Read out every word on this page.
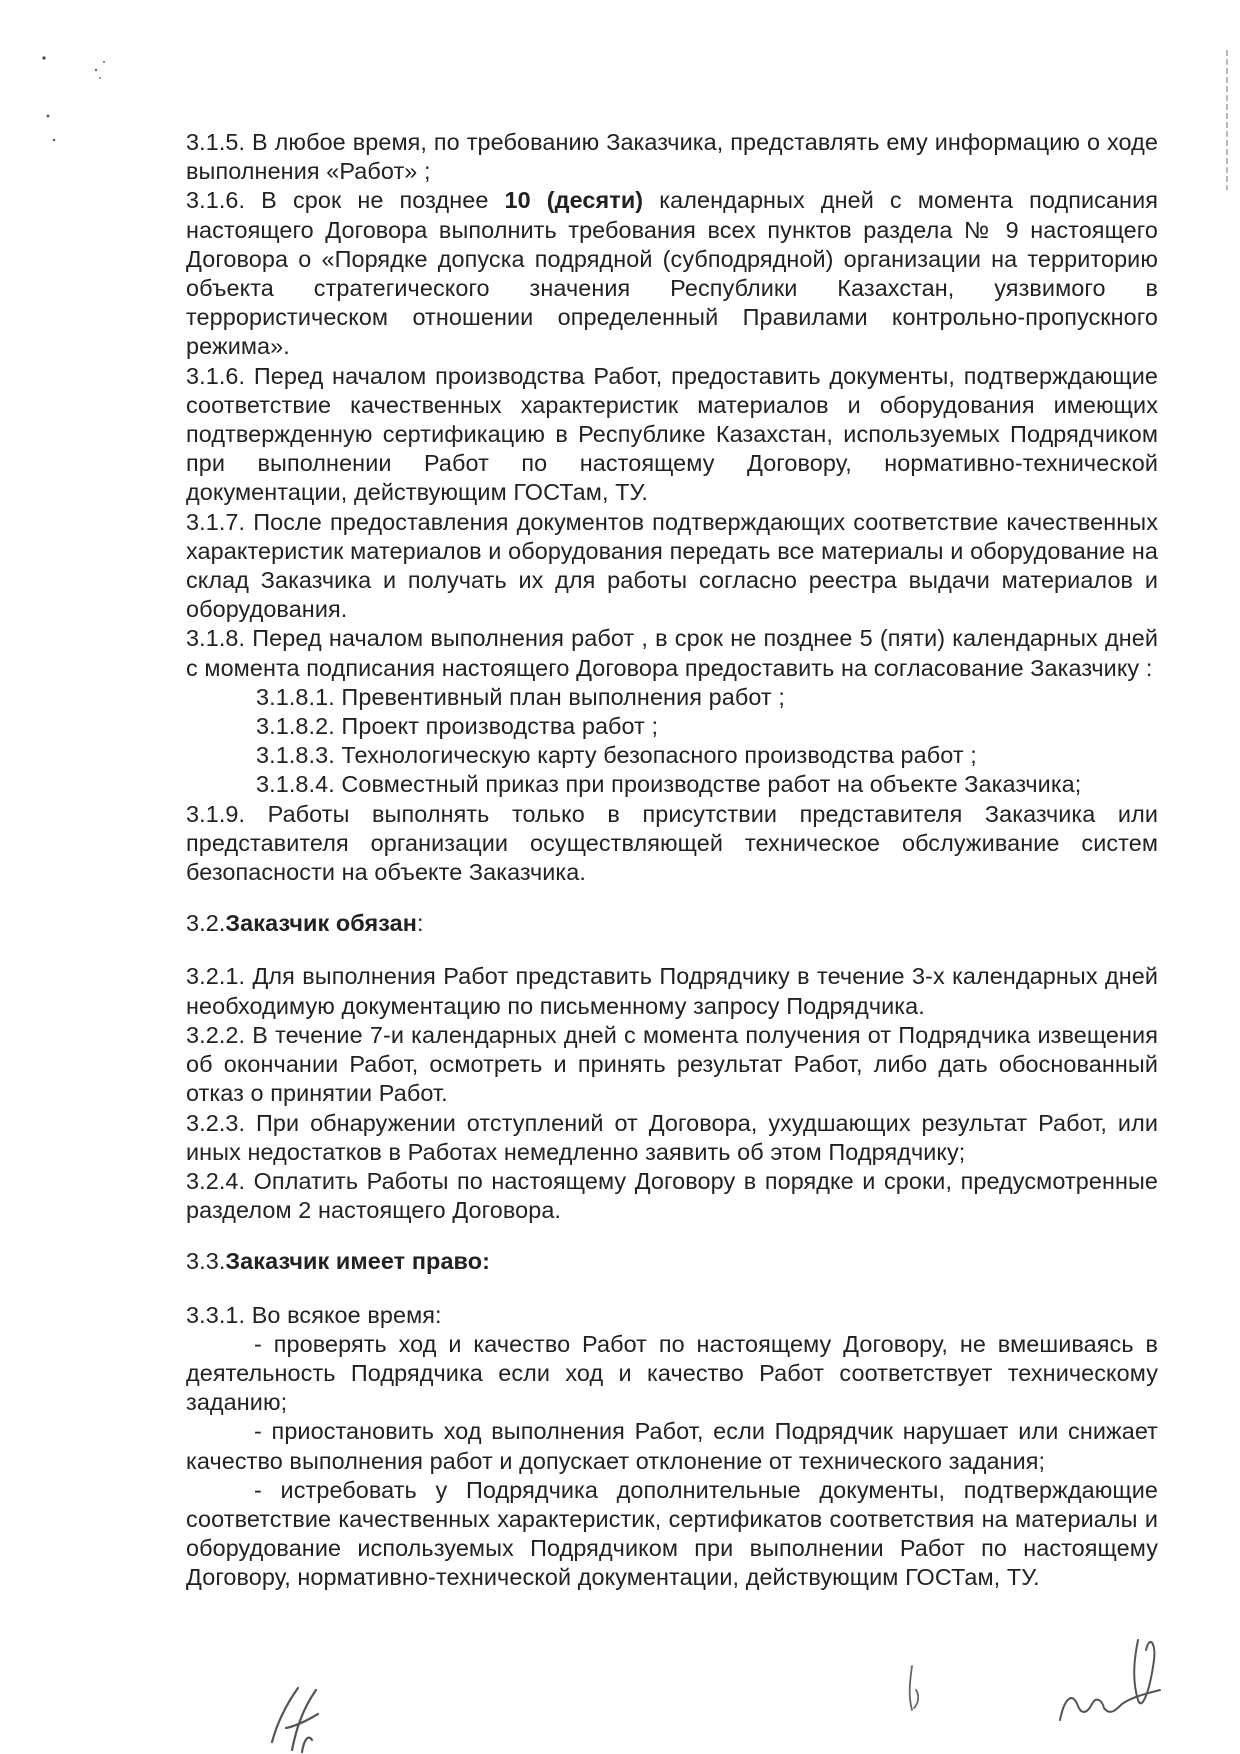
3.1.5. В любое время, по требованию Заказчика, представлять ему информацию о ходе выполнения «Работ» ;

3.1.6. В срок не позднее 10 (десяти) календарных дней с момента подписания настоящего Договора выполнить требования всех пунктов раздела № 9 настоящего Договора о «Порядке допуска подрядной (субподрядной) организации на территорию объекта стратегического значения Республики Казахстан, уязвимого в террористическом отношении определенный Правилами контрольно-пропускного режима».

3.1.6. Перед началом производства Работ, предоставить документы, подтверждающие соответствие качественных характеристик материалов и оборудования имеющих подтвержденную сертификацию в Республике Казахстан, используемых Подрядчиком при выполнении Работ по настоящему Договору, нормативно-технической документации, действующим ГОСТам, ТУ.

3.1.7. После предоставления документов подтверждающих соответствие качественных характеристик материалов и оборудования передать все материалы и оборудование на склад Заказчика и получать их для работы согласно реестра выдачи материалов и оборудования.

3.1.8. Перед началом выполнения работ , в срок не позднее 5 (пяти) календарных дней с момента подписания настоящего Договора предоставить на согласование Заказчику :

3.1.8.1. Превентивный план выполнения работ ;

3.1.8.2. Проект производства работ ;

3.1.8.3. Технологическую карту безопасного производства работ ;

3.1.8.4. Совместный приказ при производстве работ на объекте Заказчика;

3.1.9. Работы выполнять только в присутствии представителя Заказчика или представителя организации осуществляющей техническое обслуживание систем безопасности на объекте Заказчика.

3.2.Заказчик обязан:

3.2.1. Для выполнения Работ представить Подрядчику в течение 3-х календарных дней необходимую документацию по письменному запросу Подрядчика.

3.2.2. В течение 7-и календарных дней с момента получения от Подрядчика извещения об окончании Работ, осмотреть и принять результат Работ, либо дать обоснованный отказ о принятии Работ.

3.2.3. При обнаружении отступлений от Договора, ухудшающих результат Работ, или иных недостатков в Работах немедленно заявить об этом Подрядчику;

3.2.4. Оплатить Работы по настоящему Договору в порядке и сроки, предусмотренные разделом 2 настоящего Договора.

3.3.Заказчик имеет право:

3.3.1. Во всякое время:

- проверять ход и качество Работ по настоящему Договору, не вмешиваясь в деятельность Подрядчика если ход и качество Работ соответствует техническому заданию;

- приостановить ход выполнения Работ, если Подрядчик нарушает или снижает качество выполнения работ и допускает отклонение от технического задания;

- истребовать у Подрядчика дополнительные документы, подтверждающие соответствие качественных характеристик, сертификатов соответствия на материалы и оборудование используемых Подрядчиком при выполнении Работ по настоящему Договору, нормативно-технической документации, действующим ГОСТам, ТУ.
